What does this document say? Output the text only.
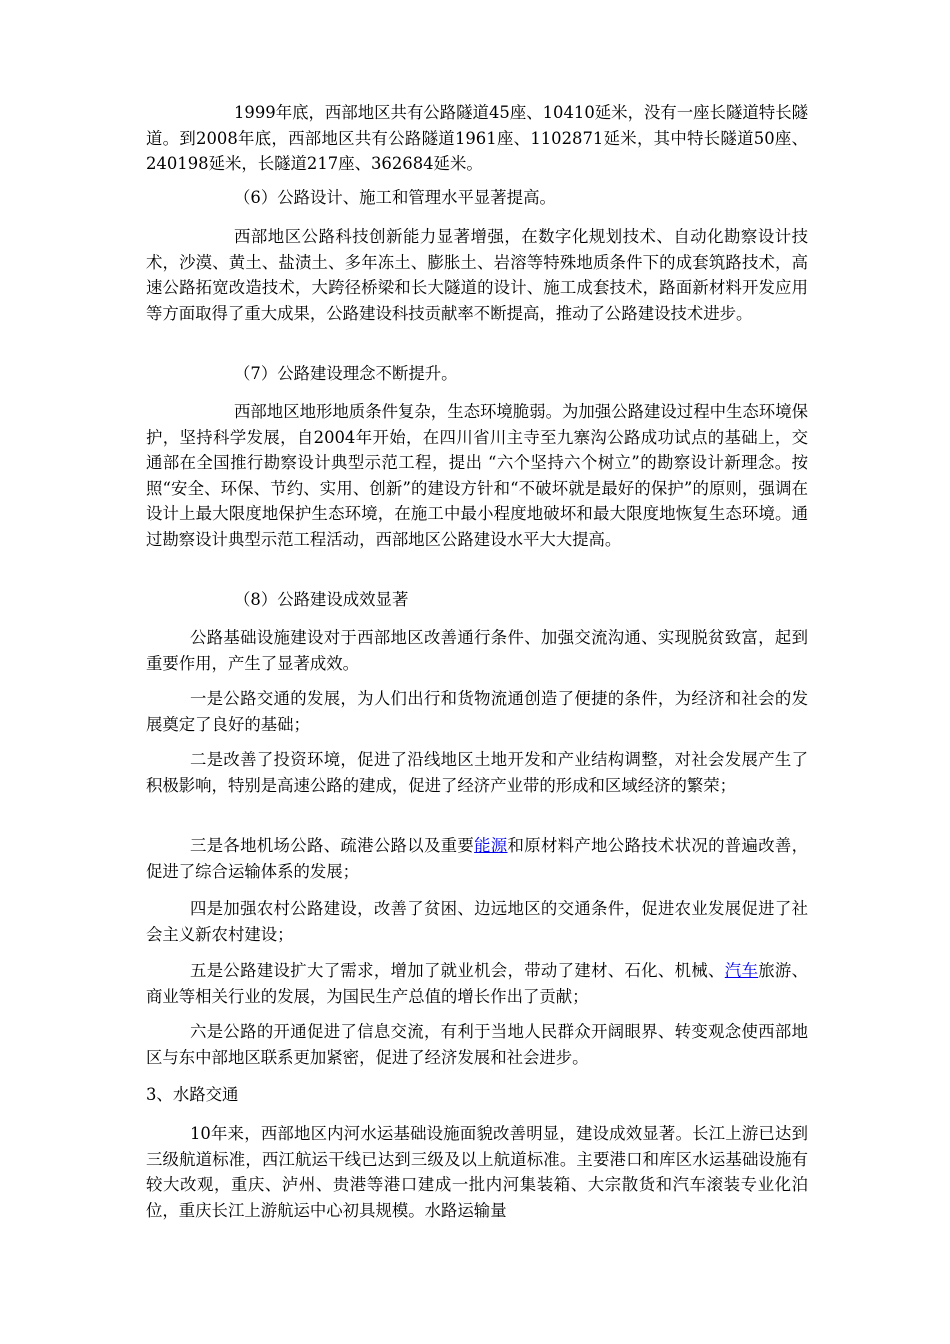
1999年底，西部地区共有公路隧道45座、10410延米，没有一座长隧道特长隧道。到2008年底，西部地区共有公路隧道1961座、1102871延米，其中特长隧道50座、240198延米，长隧道217座、362684延米。

（6）公路设计、施工和管理水平显著提高。

西部地区公路科技创新能力显著增强，在数字化规划技术、自动化勘察设计技术，沙漠、黄土、盐渍土、多年冻土、膨胀土、岩溶等特殊地质条件下的成套筑路技术，高速公路拓宽改造技术，大跨径桥梁和长大隧道的设计、施工成套技术，路面新材料开发应用等方面取得了重大成果，公路建设科技贡献率不断提高，推动了公路建设技术进步。

（7）公路建设理念不断提升。

西部地区地形地质条件复杂，生态环境脆弱。为加强公路建设过程中生态环境保护，坚持科学发展，自2004年开始，在四川省川主寺至九寨沟公路成功试点的基础上，交通部在全国推行勘察设计典型示范工程，提出 “六个坚持六个树立”的勘察设计新理念。按照“安全、环保、节约、实用、创新”的建设方针和“不破坏就是最好的保护”的原则，强调在设计上最大限度地保护生态环境，在施工中最小程度地破坏和最大限度地恢复生态环境。通过勘察设计典型示范工程活动，西部地区公路建设水平大大提高。

（8）公路建设成效显著

公路基础设施建设对于西部地区改善通行条件、加强交流沟通、实现脱贫致富，起到重要作用，产生了显著成效。

一是公路交通的发展，为人们出行和货物流通创造了便捷的条件，为经济和社会的发展奠定了良好的基础；

二是改善了投资环境，促进了沿线地区土地开发和产业结构调整，对社会发展产生了积极影响，特别是高速公路的建成，促进了经济产业带的形成和区域经济的繁荣；

三是各地机场公路、疏港公路以及重要能源和原材料产地公路技术状况的普遍改善，促进了综合运输体系的发展；

四是加强农村公路建设，改善了贫困、边远地区的交通条件，促进农业发展促进了社会主义新农村建设；

五是公路建设扩大了需求，增加了就业机会，带动了建材、石化、机械、汽车旅游、商业等相关行业的发展，为国民生产总值的增长作出了贡献；

六是公路的开通促进了信息交流，有利于当地人民群众开阔眼界、转变观念使西部地区与东中部地区联系更加紧密，促进了经济发展和社会进步。

3、水路交通

10年来，西部地区内河水运基础设施面貌改善明显，建设成效显著。长江上游已达到三级航道标准，西江航运干线已达到三级及以上航道标准。主要港口和库区水运基础设施有较大改观，重庆、泸州、贵港等港口建成一批内河集装箱、大宗散货和汽车滚装专业化泊位，重庆长江上游航运中心初具规模。水路运输量
